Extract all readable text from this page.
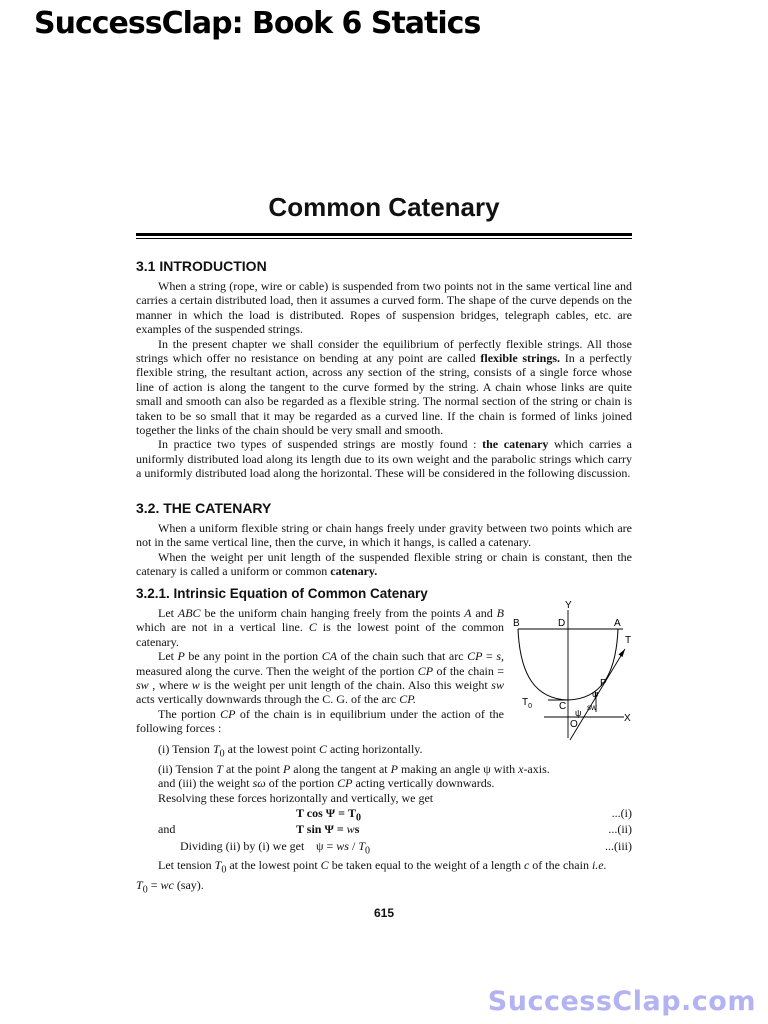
SuccessClap: Book 6 Statics
Common Catenary
3.1 INTRODUCTION

When a string (rope, wire or cable) is suspended from two points not in the same vertical line and carries a certain distributed load, then it assumes a curved form. The shape of the curve depends on the manner in which the load is distributed. Ropes of suspension bridges, telegraph cables, etc. are examples of the suspended strings.

In the present chapter we shall consider the equilibrium of perfectly flexible strings. All those strings which offer no resistance on bending at any point are called flexible strings. In a perfectly flexible string, the resultant action, across any section of the string, consists of a single force whose line of action is along the tangent to the curve formed by the string. A chain whose links are quite small and smooth can also be regarded as a flexible string. The normal section of the string or chain is taken to be so small that it may be regarded as a curved line. If the chain is formed of links joined together the links of the chain should be very small and smooth.

In practice two types of suspended strings are mostly found : the catenary which carries a uniformly distributed load along its length due to its own weight and the parabolic strings which carry a uniformly distributed load along the horizontal. These will be considered in the following discussion.

3.2. THE CATENARY

When a uniform flexible string or chain hangs freely under gravity between two points which are not in the same vertical line, then the curve, in which it hangs, is called a catenary.

When the weight per unit length of the suspended flexible string or chain is constant, then the catenary is called a uniform or common catenary.

3.2.1. Intrinsic Equation of Common Catenary

Let ABC be the uniform chain hanging freely from the points A and B which are not in a vertical line. C is the lowest point of the common catenary.

Let P be any point in the portion CA of the chain such that arc CP = s, measured along the curve. Then the weight of the portion CP of the chain = sw , where w is the weight per unit length of the chain. Also this weight sw acts vertically downwards through the C. G. of the arc CP.

The portion CP of the chain is in equilibrium under the action of the following forces :

(i) Tension $T_0$ at the lowest point C acting horizontally.

(ii) Tension T at the point P along the tangent at P making an angle ψ with x-axis.

and (iii) the weight sω of the portion CP acting vertically downwards.

Resolving these forces horizontally and vertically, we get

T $\cos \Psi = T_0$	...(i)
and	T sin Ψ = ws	...(ii)
Dividing (ii) by (i) we get ψ = ws / $T_0$	...(iii)

Let tension $T_0$ at the lowest point C be taken equal to the weight of a length c of the chain i.e.

$T_0$ = wc (say).

Y
B	D	A
T
P
ψ
$T_0$	C
ψ
sw
X
O
615
SuccessClap.com
